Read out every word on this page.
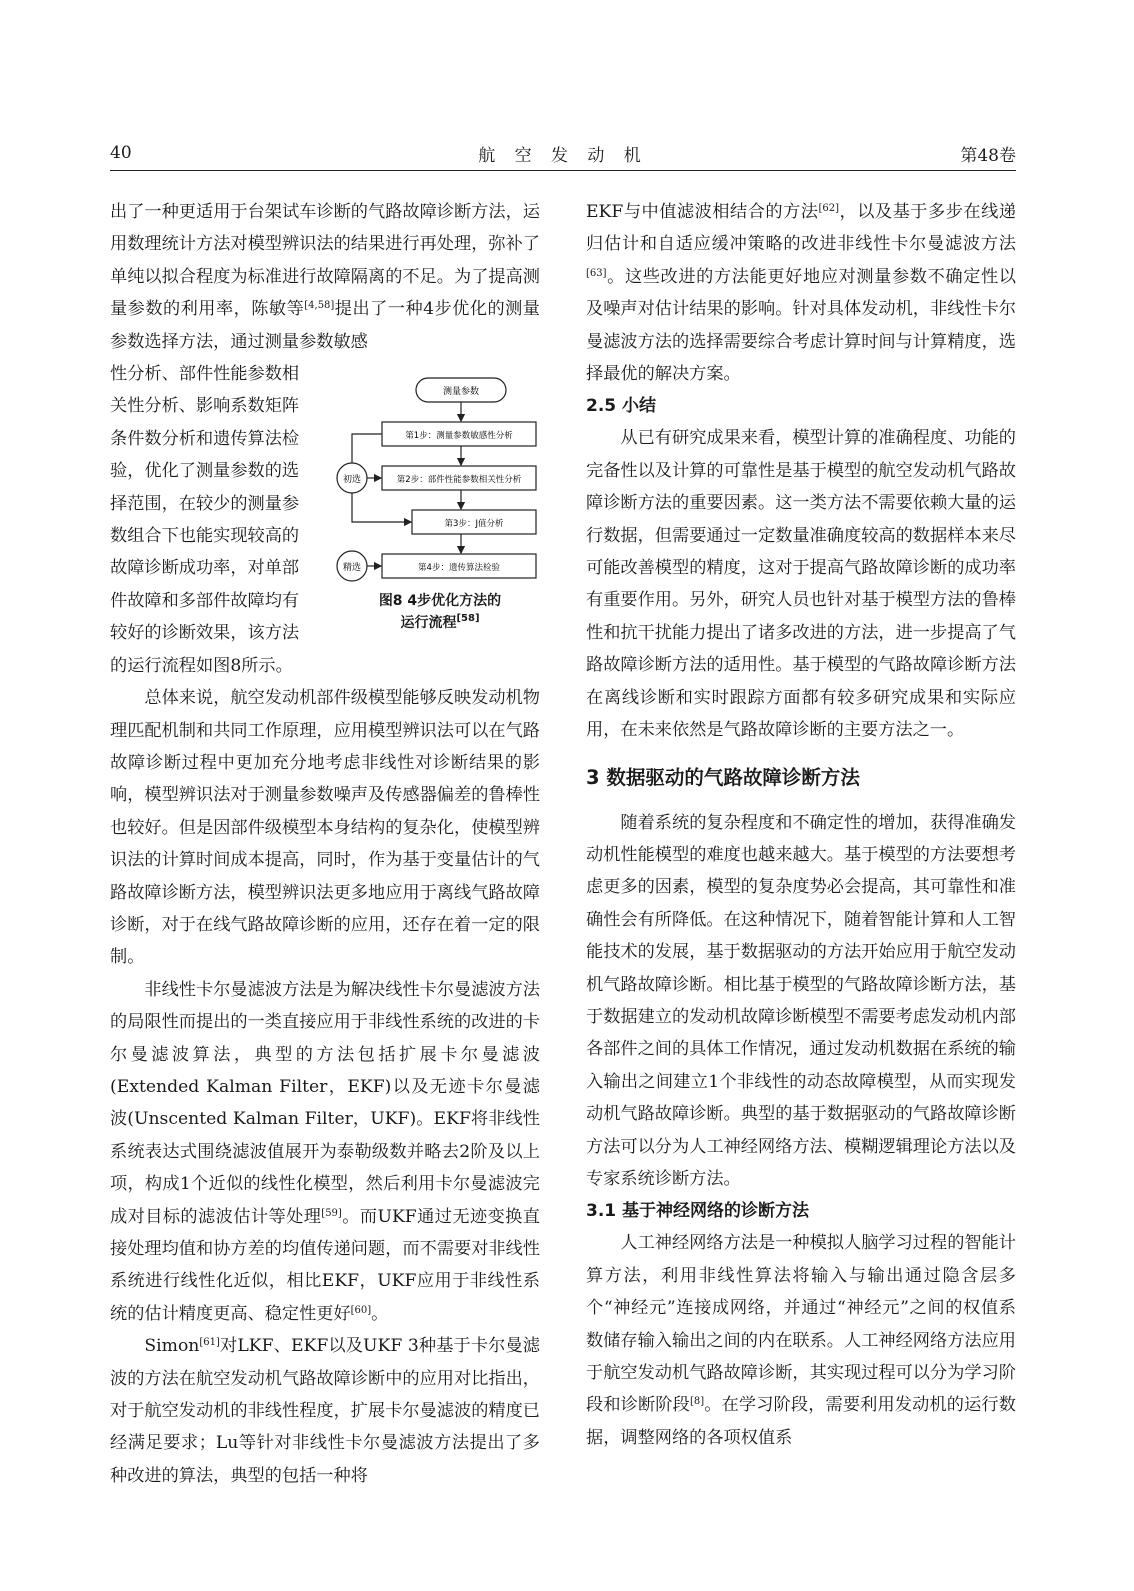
40	航 空 发 动 机	第48卷

出了一种更适用于台架试车诊断的气路故障诊断方法，运用数理统计方法对模型辨识法的结果进行再处理，弥补了单纯以拟合程度为标准进行故障隔离的不足。为了提高测量参数的利用率，陈敏等[4,58]提出了一种4步优化的测量参数选择方法，通过测量参数敏感

性分析、部件性能参数相
关性分析、影响系数矩阵
条件数分析和遗传算法检
验，优化了测量参数的选
择范围，在较少的测量参
数组合下也能实现较高的
故障诊断成功率，对单部
件故障和多部件故障均有
较好的诊断效果，该方法
的运行流程如图8所示。

总体来说，航空发动机部件级模型能够反映发动机物理匹配机制和共同工作原理，应用模型辨识法可以在气路故障诊断过程中更加充分地考虑非线性对诊断结果的影响，模型辨识法对于测量参数噪声及传感器偏差的鲁棒性也较好。但是因部件级模型本身结构的复杂化，使模型辨识法的计算时间成本提高，同时，作为基于变量估计的气路故障诊断方法，模型辨识法更多地应用于离线气路故障诊断，对于在线气路故障诊断的应用，还存在着一定的限制。

非线性卡尔曼滤波方法是为解决线性卡尔曼滤波方法的局限性而提出的一类直接应用于非线性系统的改进的卡尔曼滤波算法，典型的方法包括扩展卡尔曼滤波(Extended Kalman Filter，EKF)以及无迹卡尔曼滤波(Unscented Kalman Filter，UKF)。EKF将非线性系统表达式围绕滤波值展开为泰勒级数并略去2阶及以上项，构成1个近似的线性化模型，然后利用卡尔曼滤波完成对目标的滤波估计等处理[59]。而UKF通过无迹变换直接处理均值和协方差的均值传递问题，而不需要对非线性系统进行线性化近似，相比EKF，UKF应用于非线性系统的估计精度更高、稳定性更好[60]。

Simon[61]对LKF、EKF以及UKF 3种基于卡尔曼滤波的方法在航空发动机气路故障诊断中的应用对比指出，对于航空发动机的非线性程度，扩展卡尔曼滤波的精度已经满足要求；Lu等针对非线性卡尔曼滤波方法提出了多种改进的算法，典型的包括一种将

测量参数
第1步：测量参数敏感性分析
第2步：部件性能参数相关性分析
第3步：J值分析
第4步：遗传算法检验
初选
精选
图8 4步优化方法的
运行流程[58]

EKF与中值滤波相结合的方法[62]，以及基于多步在线递归估计和自适应缓冲策略的改进非线性卡尔曼滤波方法[63]。这些改进的方法能更好地应对测量参数不确定性以及噪声对估计结果的影响。针对具体发动机，非线性卡尔曼滤波方法的选择需要综合考虑计算时间与计算精度，选择最优的解决方案。

2.5 小结

从已有研究成果来看，模型计算的准确程度、功能的完备性以及计算的可靠性是基于模型的航空发动机气路故障诊断方法的重要因素。这一类方法不需要依赖大量的运行数据，但需要通过一定数量准确度较高的数据样本来尽可能改善模型的精度，这对于提高气路故障诊断的成功率有重要作用。另外，研究人员也针对基于模型方法的鲁棒性和抗干扰能力提出了诸多改进的方法，进一步提高了气路故障诊断方法的适用性。基于模型的气路故障诊断方法在离线诊断和实时跟踪方面都有较多研究成果和实际应用，在未来依然是气路故障诊断的主要方法之一。

3 数据驱动的气路故障诊断方法

随着系统的复杂程度和不确定性的增加，获得准确发动机性能模型的难度也越来越大。基于模型的方法要想考虑更多的因素，模型的复杂度势必会提高，其可靠性和准确性会有所降低。在这种情况下，随着智能计算和人工智能技术的发展，基于数据驱动的方法开始应用于航空发动机气路故障诊断。相比基于模型的气路故障诊断方法，基于数据建立的发动机故障诊断模型不需要考虑发动机内部各部件之间的具体工作情况，通过发动机数据在系统的输入输出之间建立1个非线性的动态故障模型，从而实现发动机气路故障诊断。典型的基于数据驱动的气路故障诊断方法可以分为人工神经网络方法、模糊逻辑理论方法以及专家系统诊断方法。

3.1 基于神经网络的诊断方法

人工神经网络方法是一种模拟人脑学习过程的智能计算方法，利用非线性算法将输入与输出通过隐含层多个“神经元”连接成网络，并通过“神经元”之间的权值系数储存输入输出之间的内在联系。人工神经网络方法应用于航空发动机气路故障诊断，其实现过程可以分为学习阶段和诊断阶段[8]。在学习阶段，需要利用发动机的运行数据，调整网络的各项权值系
